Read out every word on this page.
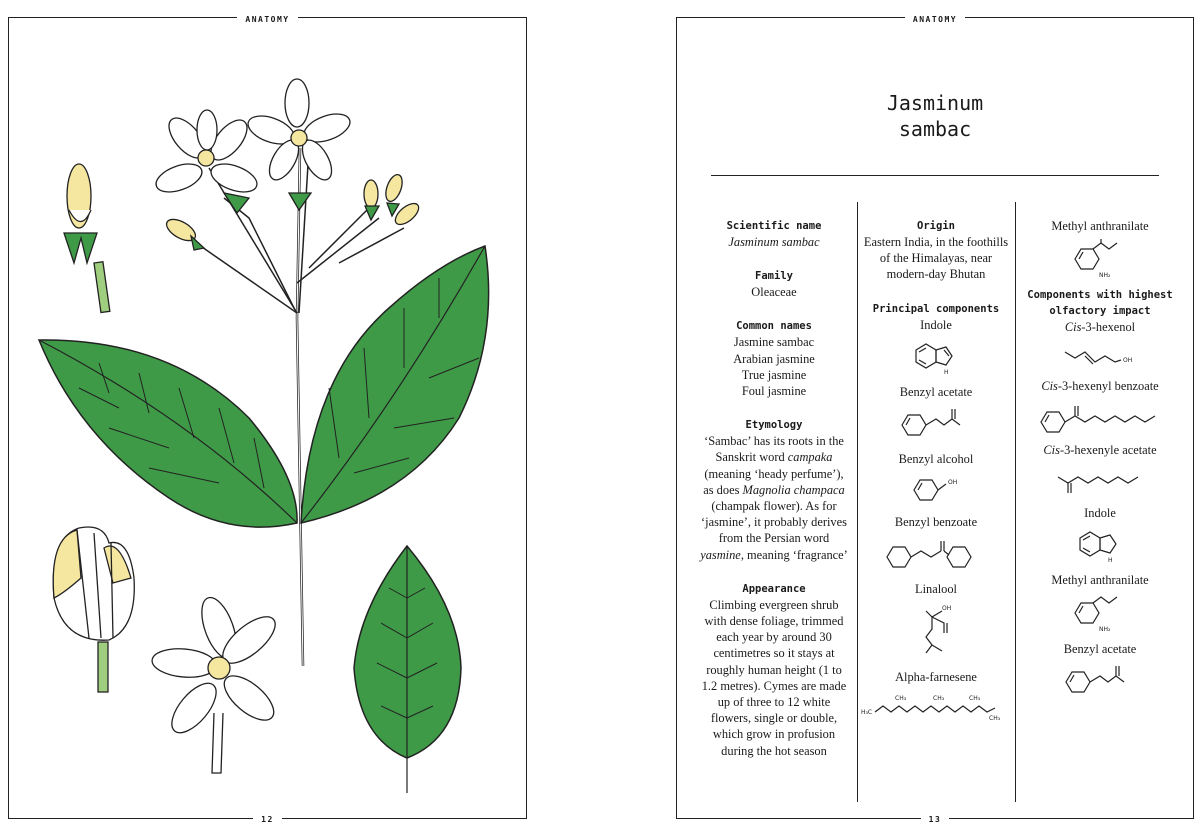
ANATOMY
12
ANATOMY
Jasminum
sambac
Scientific name
Jasminum sambac
Family
Oleaceae
Common names
Jasmine sambac
Arabian jasmine
True jasmine
Foul jasmine
Etymology
‘Sambac’ has its roots in the Sanskrit word campaka (meaning ‘heady perfume’), as does Magnolia champaca (champak flower). As for ‘jasmine’, it probably derives from the Persian word yasmine, meaning ‘fragrance’
Appearance
Climbing evergreen shrub with dense foliage, trimmed each year by around 30 centimetres so it stays at roughly human height (1 to 1.2 metres). Cymes are made up of three to 12 white flowers, single or double, which grow in profusion during the hot season
Origin
Eastern India, in the foothills of the Himalayas, near modern-day Bhutan
Principal components
Indole
H
Benzyl acetate
Benzyl alcohol
OH
Benzyl benzoate
Linalool
OH
Alpha-farnesene
H₃C
CH₃	CH₃	CH₃
CH₃
Methyl anthranilate
NH₂
Components with highest olfactory impact
Cis-3-hexenol
OH
Cis-3-hexenyl benzoate
Cis-3-hexenyle acetate
Indole
H
Methyl anthranilate
NH₂
Benzyl acetate
13
